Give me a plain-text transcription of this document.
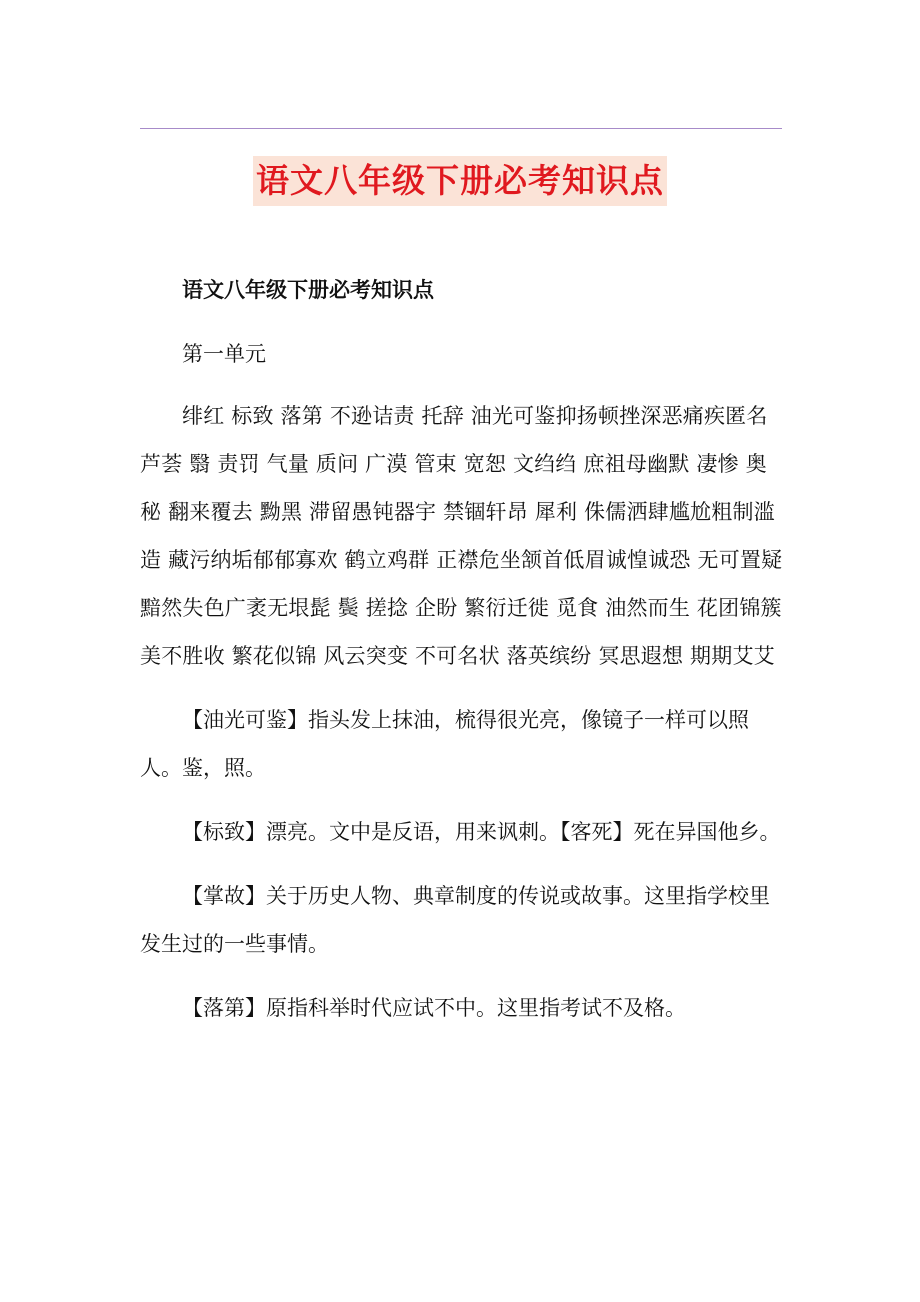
语文八年级下册必考知识点

语文八年级下册必考知识点

第一单元

绯红 标致 落第 不逊诘责 托辞 油光可鉴抑扬顿挫深恶痛疾匿名 芦荟 翳 责罚 气量 质问 广漠 管束 宽恕 文绉绉 庶祖母幽默 凄惨 奥秘 翻来覆去 黝黑 滞留愚钝器宇 禁锢轩昂 犀利 侏儒洒肆尴尬粗制滥造 藏污纳垢郁郁寡欢 鹤立鸡群 正襟危坐颔首低眉诚惶诚恐 无可置疑 黯然失色广袤无垠髭 鬓 搓捻 企盼 繁衍迁徙 觅食 油然而生 花团锦簇 美不胜收 繁花似锦 风云突变 不可名状 落英缤纷 冥思遐想 期期艾艾

【油光可鉴】指头发上抹油，梳得很光亮，像镜子一样可以照人。鉴，照。

【标致】漂亮。文中是反语，用来讽刺。【客死】死在异国他乡。

【掌故】关于历史人物、典章制度的传说或故事。这里指学校里发生过的一些事情。

【落第】原指科举时代应试不中。这里指考试不及格。
